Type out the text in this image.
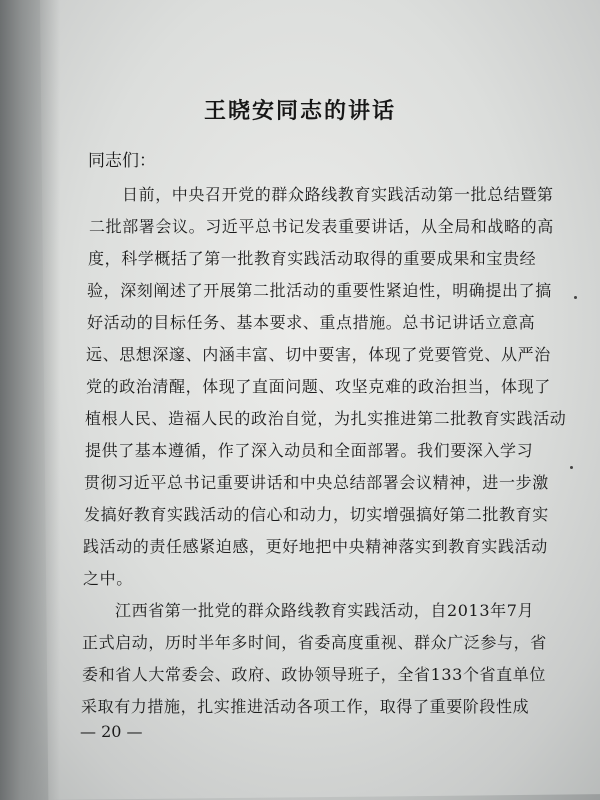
王晓安同志的讲话
同志们：
日前，中央召开党的群众路线教育实践活动第一批总结暨第
二批部署会议。习近平总书记发表重要讲话，从全局和战略的高
度，科学概括了第一批教育实践活动取得的重要成果和宝贵经
验，深刻阐述了开展第二批活动的重要性紧迫性，明确提出了搞
好活动的目标任务、基本要求、重点措施。总书记讲话立意高
远、思想深邃、内涵丰富、切中要害，体现了党要管党、从严治
党的政治清醒，体现了直面问题、攻坚克难的政治担当，体现了
植根人民、造福人民的政治自觉，为扎实推进第二批教育实践活动
提供了基本遵循，作了深入动员和全面部署。我们要深入学习
贯彻习近平总书记重要讲话和中央总结部署会议精神，进一步激
发搞好教育实践活动的信心和动力，切实增强搞好第二批教育实
践活动的责任感紧迫感，更好地把中央精神落实到教育实践活动
之中。
江西省第一批党的群众路线教育实践活动，自2013年7月
正式启动，历时半年多时间，省委高度重视、群众广泛参与，省
委和省人大常委会、政府、政协领导班子，全省133个省直单位
采取有力措施，扎实推进活动各项工作，取得了重要阶段性成
— 20 —
